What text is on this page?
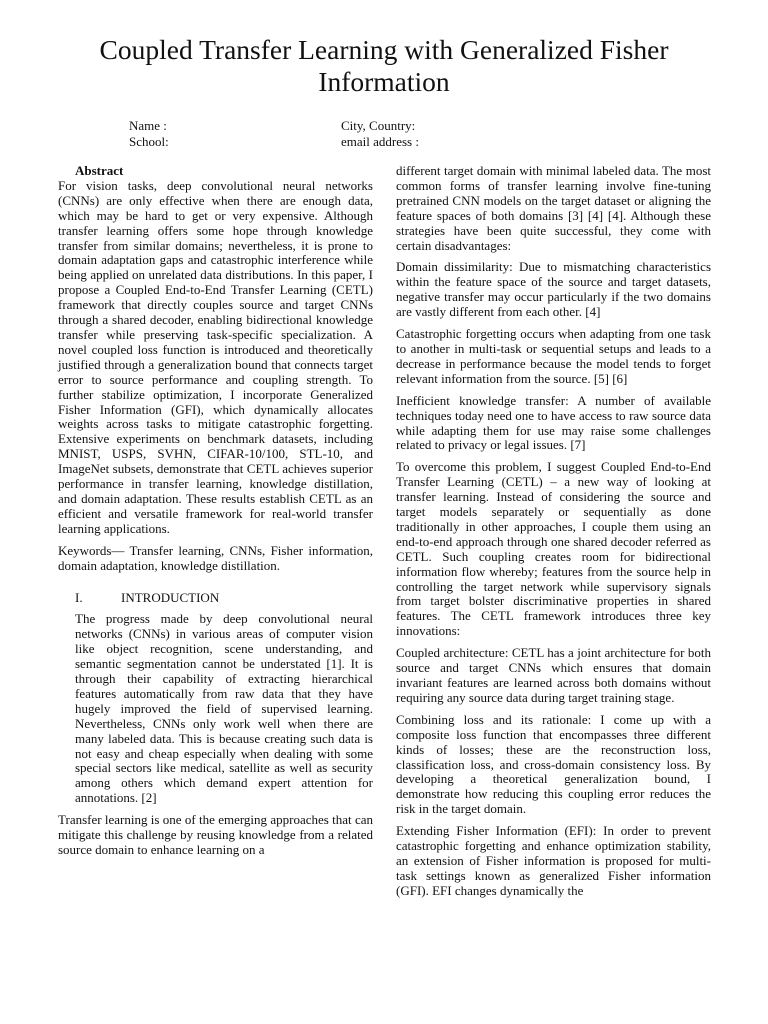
Coupled Transfer Learning with Generalized Fisher Information
Name :
School:
City, Country:
email address :
Abstract

For vision tasks, deep convolutional neural networks (CNNs) are only effective when there are enough data, which may be hard to get or very expensive. Although transfer learning offers some hope through knowledge transfer from similar domains; nevertheless, it is prone to domain adaptation gaps and catastrophic interference while being applied on unrelated data distributions. In this paper, I propose a Coupled End-to-End Transfer Learning (CETL) framework that directly couples source and target CNNs through a shared decoder, enabling bidirectional knowledge transfer while preserving task-specific specialization. A novel coupled loss function is introduced and theoretically justified through a generalization bound that connects target error to source performance and coupling strength. To further stabilize optimization, I incorporate Generalized Fisher Information (GFI), which dynamically allocates weights across tasks to mitigate catastrophic forgetting. Extensive experiments on benchmark datasets, including MNIST, USPS, SVHN, CIFAR-10/100, STL-10, and ImageNet subsets, demonstrate that CETL achieves superior performance in transfer learning, knowledge distillation, and domain adaptation. These results establish CETL as an efficient and versatile framework for real-world transfer learning applications.

Keywords— Transfer learning, CNNs, Fisher information, domain adaptation, knowledge distillation.

I.	INTRODUCTION

The progress made by deep convolutional neural networks (CNNs) in various areas of computer vision like object recognition, scene understanding, and semantic segmentation cannot be understated [1]. It is through their capability of extracting hierarchical features automatically from raw data that they have hugely improved the field of supervised learning. Nevertheless, CNNs only work well when there are many labeled data. This is because creating such data is not easy and cheap especially when dealing with some special sectors like medical, satellite as well as security among others which demand expert attention for annotations. [2]

Transfer learning is one of the emerging approaches that can mitigate this challenge by reusing knowledge from a related source domain to enhance learning on a

different target domain with minimal labeled data. The most common forms of transfer learning involve fine-tuning pretrained CNN models on the target dataset or aligning the feature spaces of both domains [3] [4] [4]. Although these strategies have been quite successful, they come with certain disadvantages:

Domain dissimilarity: Due to mismatching characteristics within the feature space of the source and target datasets, negative transfer may occur particularly if the two domains are vastly different from each other. [4]

Catastrophic forgetting occurs when adapting from one task to another in multi-task or sequential setups and leads to a decrease in performance because the model tends to forget relevant information from the source. [5] [6]

Inefficient knowledge transfer: A number of available techniques today need one to have access to raw source data while adapting them for use may raise some challenges related to privacy or legal issues. [7]

To overcome this problem, I suggest Coupled End-to-End Transfer Learning (CETL) – a new way of looking at transfer learning. Instead of considering the source and target models separately or sequentially as done traditionally in other approaches, I couple them using an end-to-end approach through one shared decoder referred as CETL. Such coupling creates room for bidirectional information flow whereby; features from the source help in controlling the target network while supervisory signals from target bolster discriminative properties in shared features. The CETL framework introduces three key innovations:

Coupled architecture: CETL has a joint architecture for both source and target CNNs which ensures that domain invariant features are learned across both domains without requiring any source data during target training stage.

Combining loss and its rationale: I come up with a composite loss function that encompasses three different kinds of losses; these are the reconstruction loss, classification loss, and cross-domain consistency loss. By developing a theoretical generalization bound, I demonstrate how reducing this coupling error reduces the risk in the target domain.

Extending Fisher Information (EFI): In order to prevent catastrophic forgetting and enhance optimization stability, an extension of Fisher information is proposed for multi-task settings known as generalized Fisher information (GFI). EFI changes dynamically the
